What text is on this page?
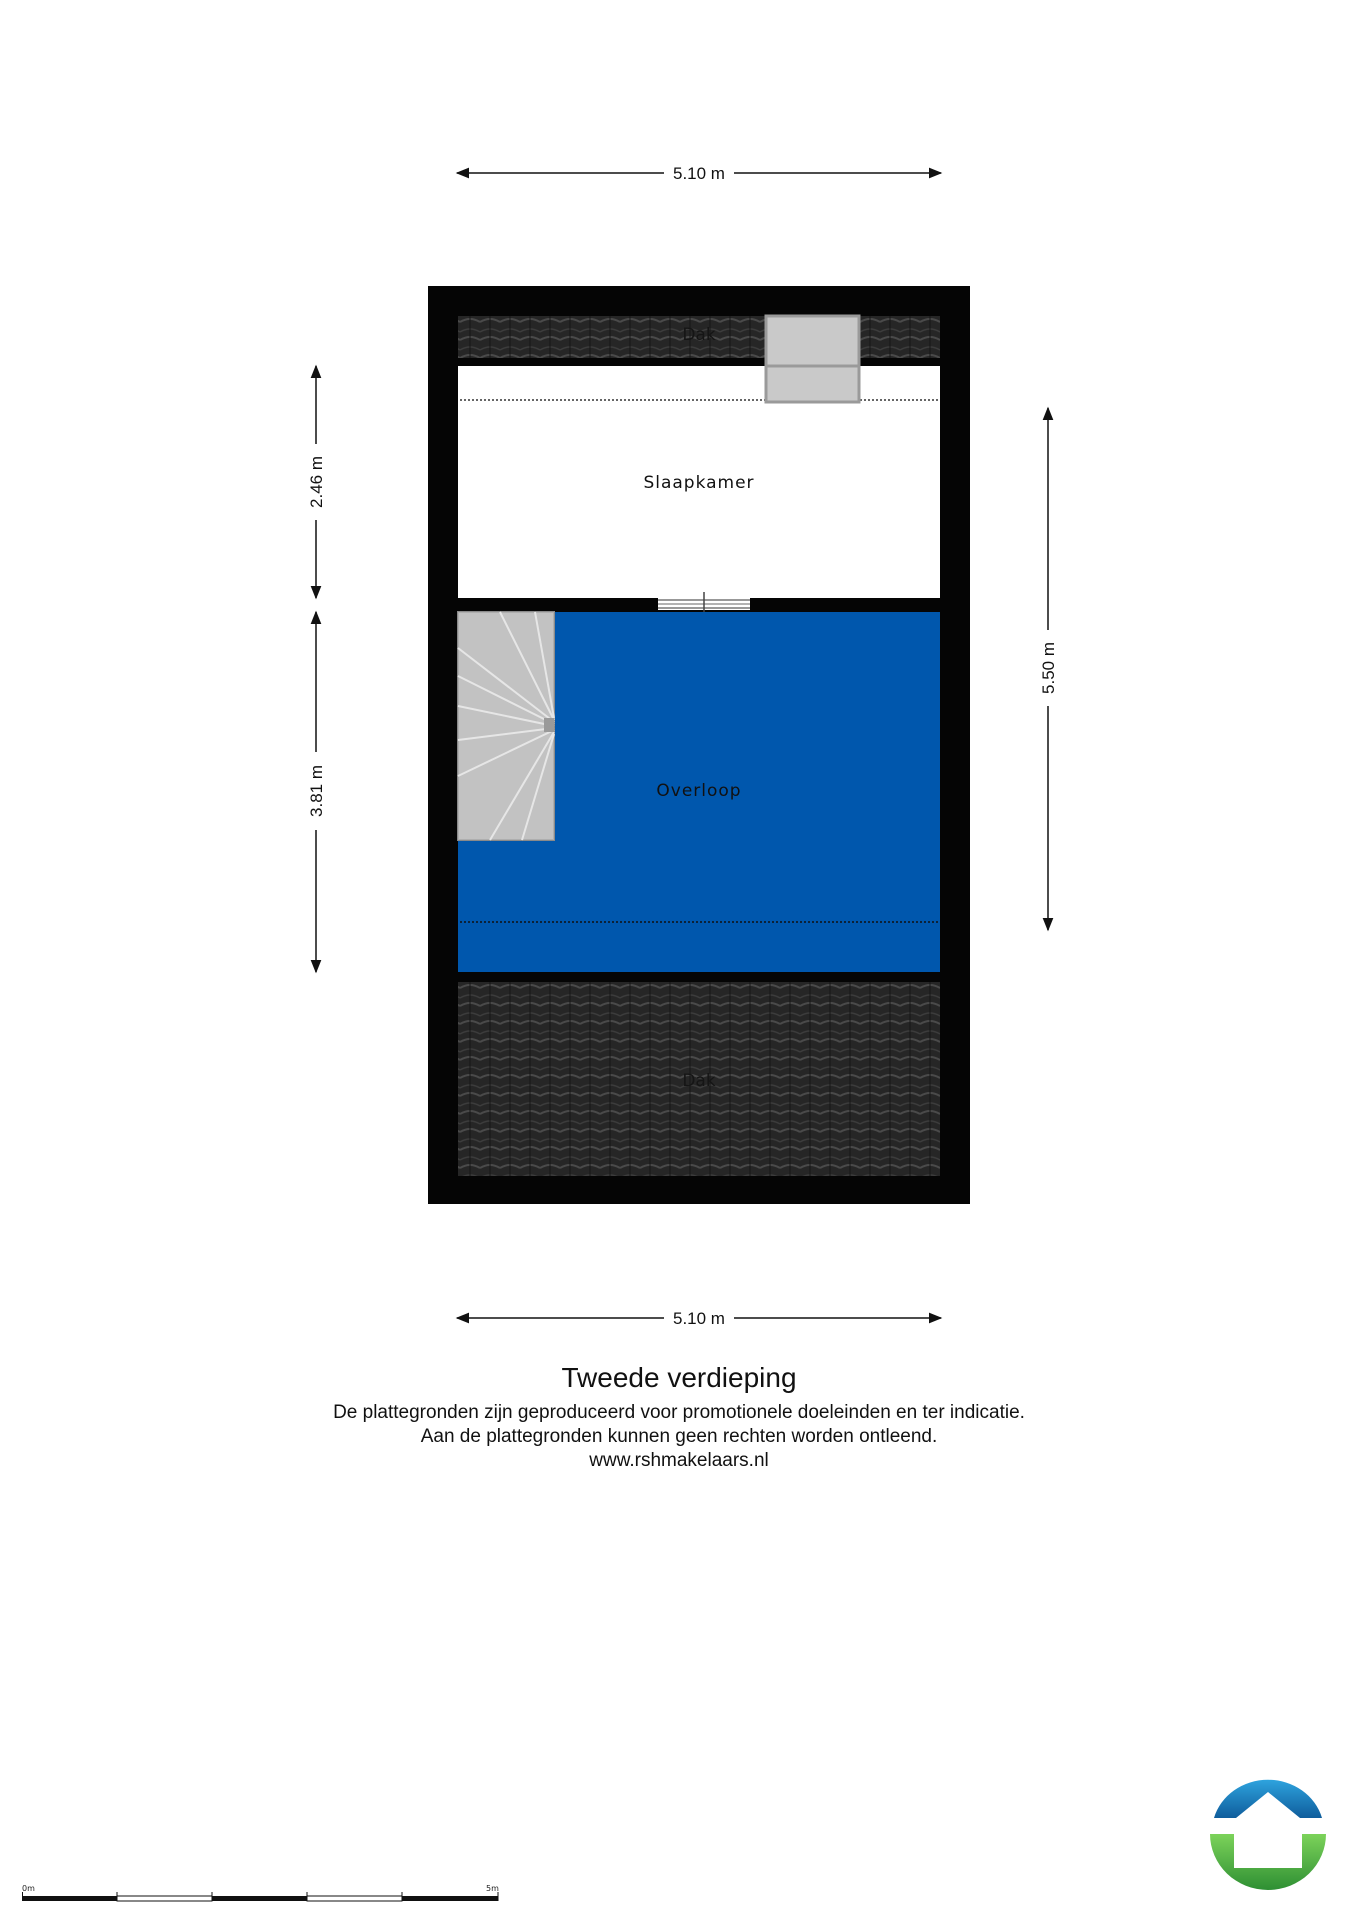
Dak
Slaapkamer
Overloop
Dak
5.10 m
5.10 m
2.46 m
3.81 m
5.50 m
Tweede verdieping
De plattegronden zijn geproduceerd voor promotionele doeleinden en ter indicatie.
Aan de plattegronden kunnen geen rechten worden ontleend.
www.rshmakelaars.nl
0m	5m
